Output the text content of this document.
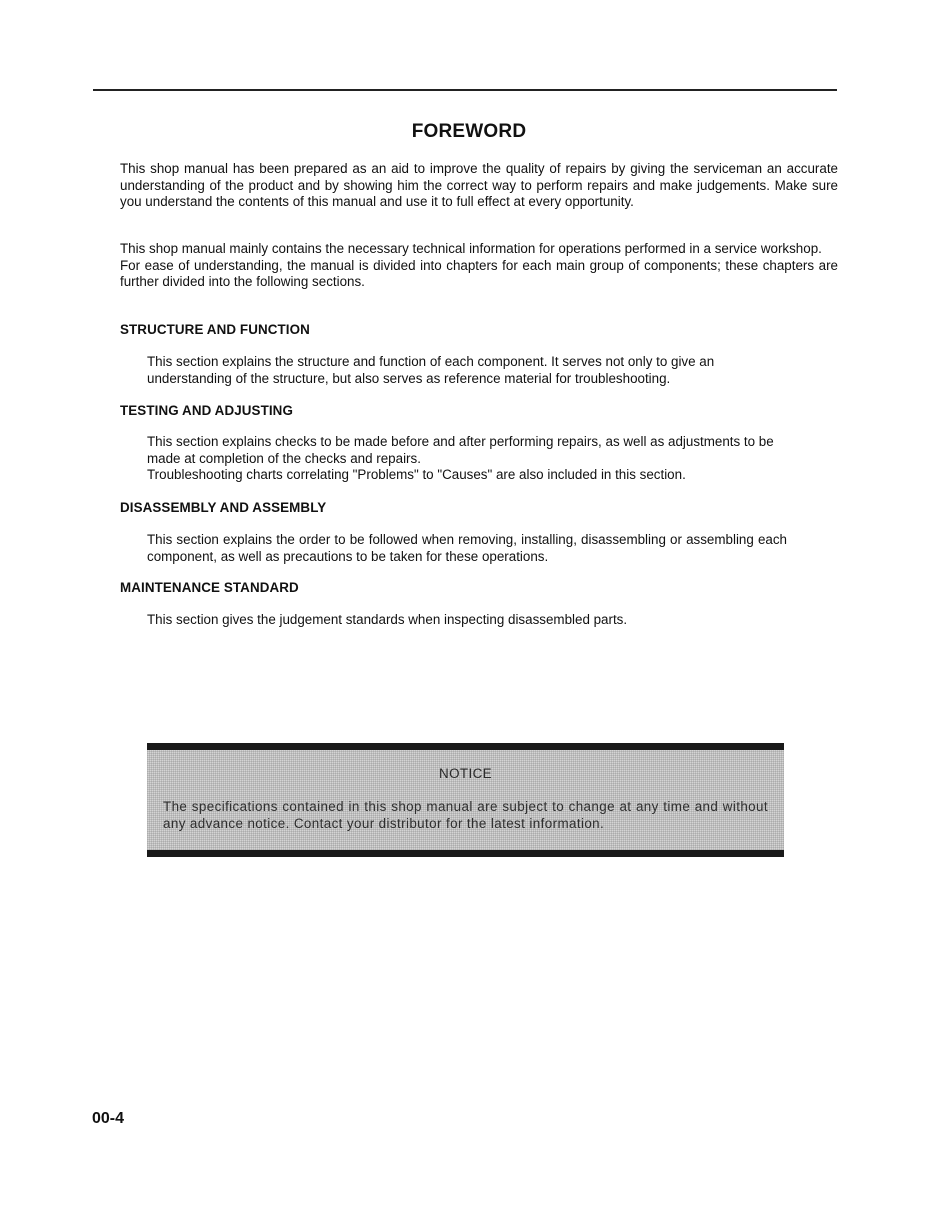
FOREWORD

This shop manual has been prepared as an aid to improve the quality of repairs by giving the serviceman an accurate understanding of the product and by showing him the correct way to perform repairs and make judgements. Make sure you understand the contents of this manual and use it to full effect at every opportunity.

This shop manual mainly contains the necessary technical information for operations performed in a service workshop.

For ease of understanding, the manual is divided into chapters for each main group of components; these chapters are further divided into the following sections.

STRUCTURE AND FUNCTION

This section explains the structure and function of each component. It serves not only to give an understanding of the structure, but also serves as reference material for troubleshooting.

TESTING AND ADJUSTING

This section explains checks to be made before and after performing repairs, as well as adjustments to be made at completion of the checks and repairs.

Troubleshooting charts correlating "Problems" to "Causes" are also included in this section.

DISASSEMBLY AND ASSEMBLY

This section explains the order to be followed when removing, installing, disassembling or assembling each component, as well as precautions to be taken for these operations.

MAINTENANCE STANDARD

This section gives the judgement standards when inspecting disassembled parts.

NOTICE
The specifications contained in this shop manual are subject to change at any time and without any advance notice. Contact your distributor for the latest information.
00-4
